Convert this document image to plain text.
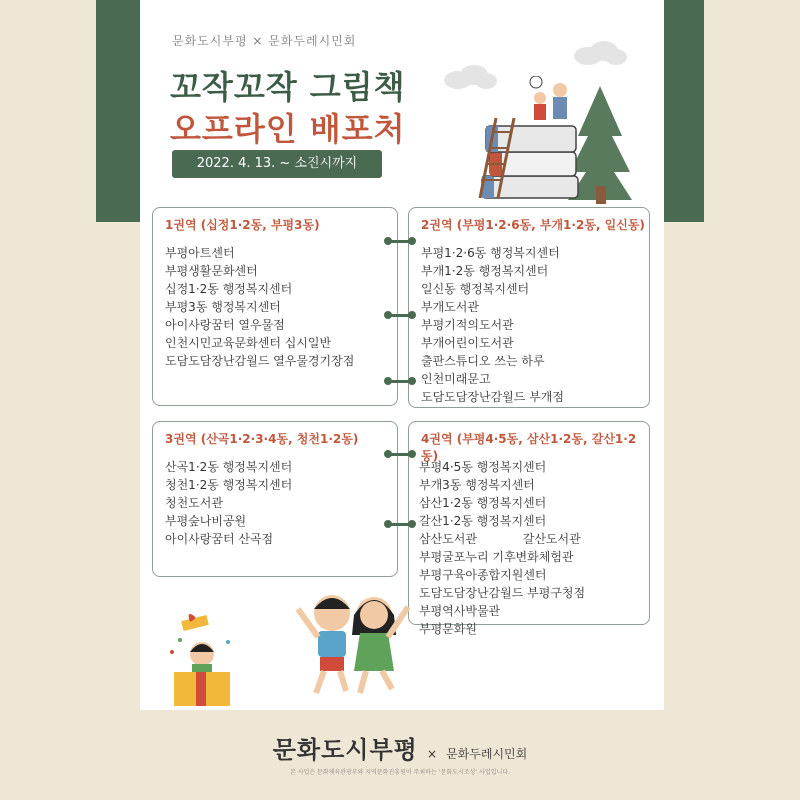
문화도시부평 × 문화두레시민회
꼬작꼬작 그림책
오프라인 배포처
2022. 4. 13. ~ 소진시까지
1권역 (십정1·2동, 부평3동)
부평아트센터
부평생활문화센터
십정1·2동 행정복지센터
부평3동 행정복지센터
아이사랑꿈터 열우물점
인천시민교육문화센터 십시일반
도담도담장난감월드 열우물경기장점
2권역 (부평1·2·6동, 부개1·2동, 일신동)
부평1·2·6동 행정복지센터
부개1·2동 행정복지센터
일신동 행정복지센터
부개도서관
부평기적의도서관
부개어린이도서관
출판스튜디오 쓰는 하루
인천미래문고
도담도담장난감월드 부개점
3권역 (산곡1·2·3·4동, 청천1·2동)
산곡1·2동 행정복지센터
청천1·2동 행정복지센터
청천도서관
부평숲나비공원
아이사랑꿈터 산곡점
4권역 (부평4·5동, 삼산1·2동, 갈산1·2동)
부평4·5동 행정복지센터
부개3동 행정복지센터
삼산1·2동 행정복지센터
갈산1·2동 행정복지센터
삼산도서관            갈산도서관
부평굴포누리 기후변화체험관
부평구육아종합지원센터
도담도담장난감월드 부평구청점
부평역사박물관
부평문화원
문화도시부평 × 문화두레시민회
본 사업은 문화체육관광부와 지역문화진흥원이 주최하는 ‘문화도시조성’ 사업입니다.
